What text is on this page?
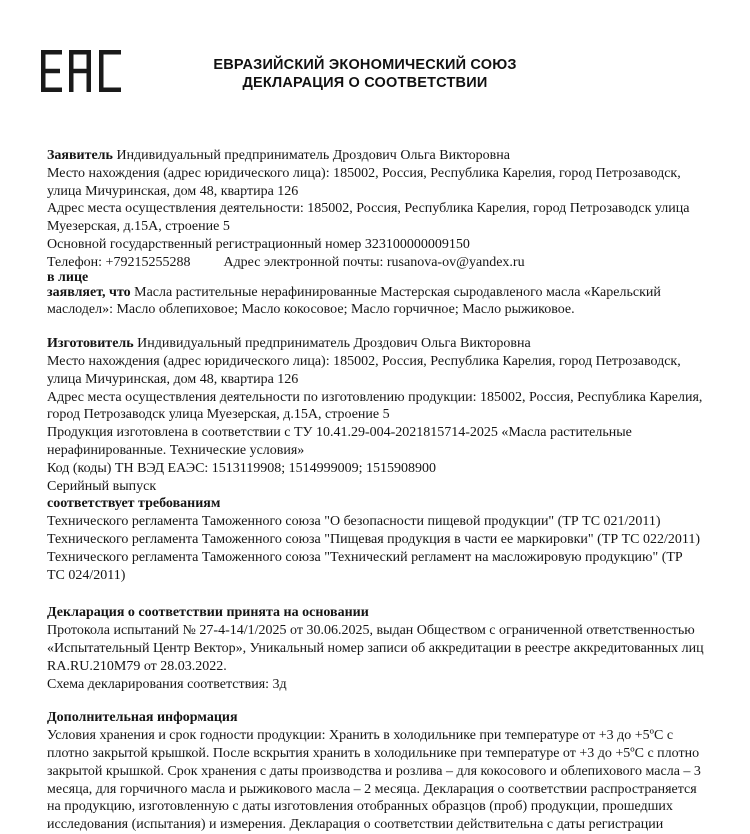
ЕВРАЗИЙСКИЙ ЭКОНОМИЧЕСКИЙ СОЮЗ
ДЕКЛАРАЦИЯ О СООТВЕТСТВИИ

Заявитель Индивидуальный предприниматель Дроздович Ольга Викторовна

Место нахождения (адрес юридического лица): 185002, Россия, Республика Карелия, город Петрозаводск,

улица Мичуринская, дом 48, квартира 126

Адрес места осуществления деятельности: 185002, Россия, Республика Карелия, город Петрозаводск улица

Муезерская, д.15А, строение 5

Основной государственный регистрационный номер 323100000009150

Телефон: +79215255288 Адрес электронной почты: rusanova-ov@yandex.ru

в лице

заявляет, что Масла растительные нерафинированные Мастерская сыродавленого масла «Карельский

маслодел»: Масло облепиховое; Масло кокосовое; Масло горчичное; Масло рыжиковое.

Изготовитель Индивидуальный предприниматель Дроздович Ольга Викторовна

Место нахождения (адрес юридического лица): 185002, Россия, Республика Карелия, город Петрозаводск,

улица Мичуринская, дом 48, квартира 126

Адрес места осуществления деятельности по изготовлению продукции: 185002, Россия, Республика Карелия,

город Петрозаводск улица Муезерская, д.15А, строение 5

Продукция изготовлена в соответствии с ТУ 10.41.29-004-2021815714-2025 «Масла растительные

нерафинированные. Технические условия»

Код (коды) ТН ВЭД ЕАЭС: 1513119908; 1514999009; 1515908900

Серийный выпуск

соответствует требованиям

Технического регламента Таможенного союза "О безопасности пищевой продукции" (ТР ТС 021/2011)

Технического регламента Таможенного союза "Пищевая продукция в части ее маркировки" (ТР ТС 022/2011)

Технического регламента Таможенного союза "Технический регламент на масложировую продукцию" (ТР

ТС 024/2011)

Декларация о соответствии принята на основании

Протокола испытаний № 27-4-14/1/2025 от 30.06.2025, выдан Обществом с ограниченной ответственностью

«Испытательный Центр Вектор», Уникальный номер записи об аккредитации в реестре аккредитованных лиц

RA.RU.210M79 от 28.03.2022.

Схема декларирования соответствия: 3д

Дополнительная информация

Условия хранения и срок годности продукции: Хранить в холодильнике при температуре от +3 до +5ºС с

плотно закрытой крышкой. После вскрытия хранить в холодильнике при температуре от +3 до +5ºС с плотно

закрытой крышкой. Срок хранения с даты производства и розлива – для кокосового и облепихового масла – 3

месяца, для горчичного масла и рыжикового масла – 2 месяца. Декларация о соответствии распространяется

на продукцию, изготовленную с даты изготовления отобранных образцов (проб) продукции, прошедших

исследования (испытания) и измерения. Декларация о соответствии действительна с даты регистрации
